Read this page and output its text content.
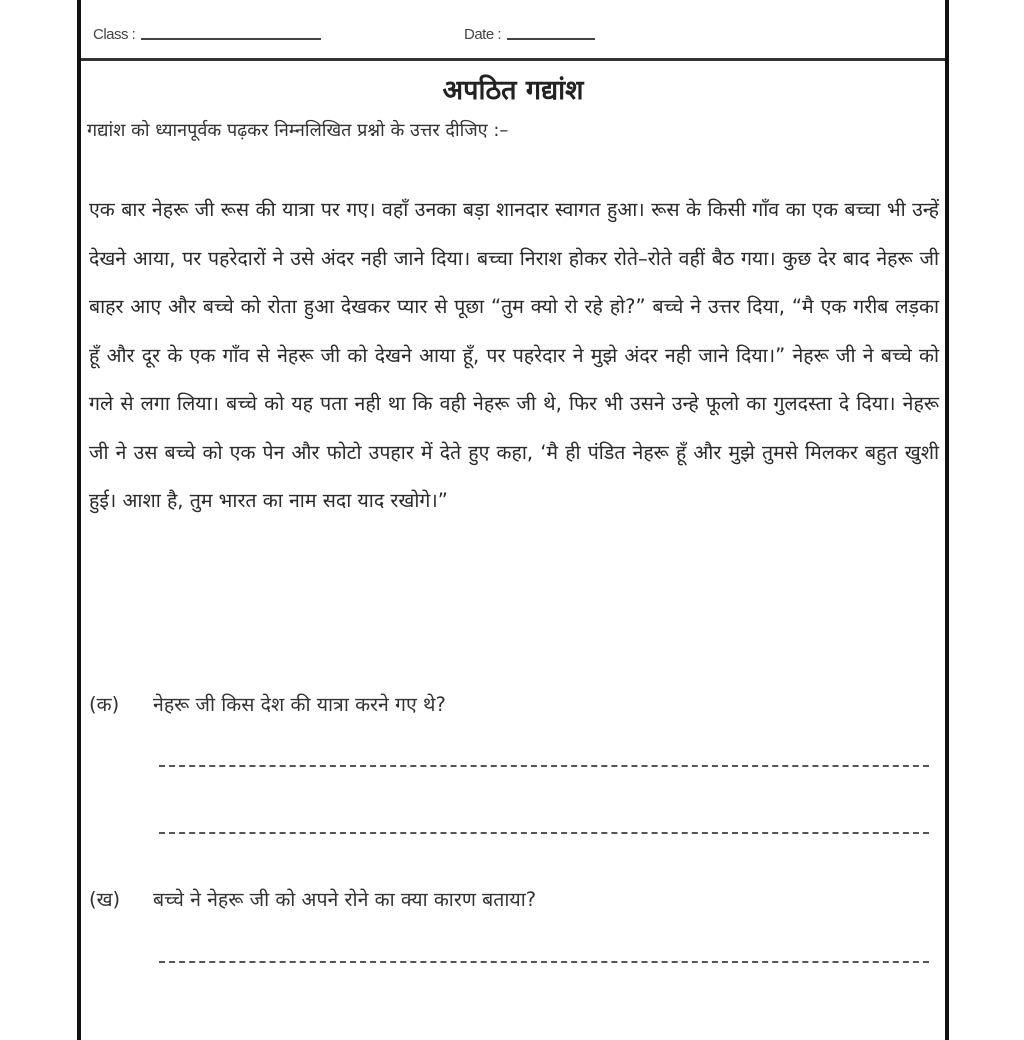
Class :	Date :
अपठित गद्यांश
गद्यांश को ध्यानपूर्वक पढ़कर निम्नलिखित प्रश्नो के उत्तर दीजिए :–
एक बार नेहरू जी रूस की यात्रा पर गए। वहाँ उनका बड़ा शानदार स्वागत हुआ। रूस के किसी गाँव का एक बच्चा भी उन्हें देखने आया, पर पहरेदारों ने उसे अंदर नही जाने दिया। बच्चा निराश होकर रोते–रोते वहीं बैठ गया। कुछ देर बाद नेहरू जी बाहर आए और बच्चे को रोता हुआ देखकर प्यार से पूछा “तुम क्यो रो रहे हो?” बच्चे ने उत्तर दिया, “मै एक गरीब लड़का हूँ और दूर के एक गाँव से नेहरू जी को देखने आया हूँ, पर पहरेदार ने मुझे अंदर नही जाने दिया।” नेहरू जी ने बच्चे को गले से लगा लिया। बच्चे को यह पता नही था कि वही नेहरू जी थे, फिर भी उसने उन्हे फूलो का गुलदस्ता दे दिया। नेहरू जी ने उस बच्चे को एक पेन और फोटो उपहार में देते हुए कहा, ‘मै ही पंडित नेहरू हूँ और मुझे तुमसे मिलकर बहुत खुशी हुई। आशा है, तुम भारत का नाम सदा याद रखोगे।”
(क)	नेहरू जी किस देश की यात्रा करने गए थे?
(ख)	बच्चे ने नेहरू जी को अपने रोने का क्या कारण बताया?
